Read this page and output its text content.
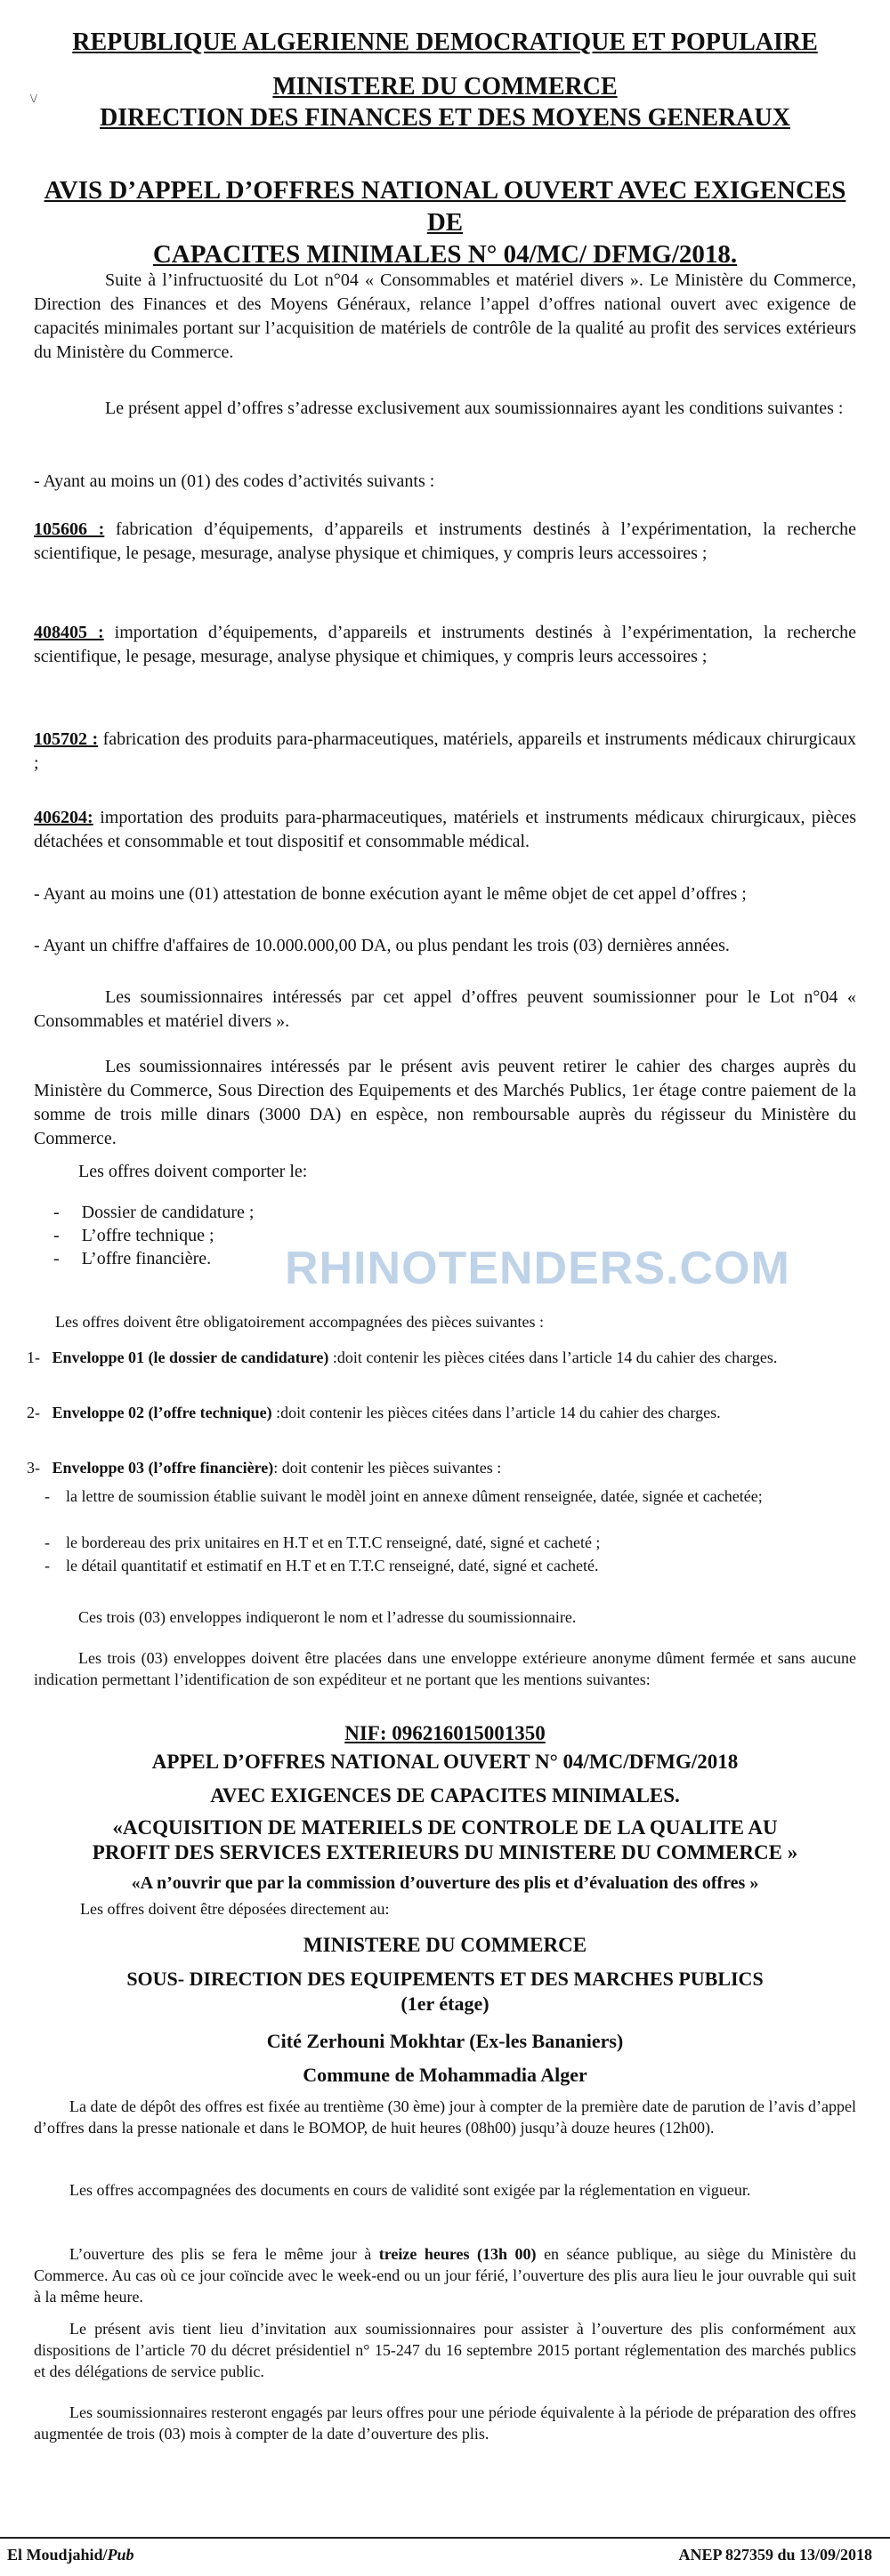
REPUBLIQUE ALGERIENNE DEMOCRATIQUE ET POPULAIRE
\/	MINISTERE DU COMMERCE
DIRECTION DES FINANCES ET DES MOYENS GENERAUX
AVIS D’APPEL D’OFFRES NATIONAL OUVERT AVEC EXIGENCES DE
CAPACITES MINIMALES N° 04/MC/ DFMG/2018.
Suite à l’infructuosité du Lot n°04 « Consommables et matériel divers ». Le Ministère du Commerce, Direction des Finances et des Moyens Généraux, relance l’appel d’offres national ouvert avec exigence de capacités minimales portant sur l’acquisition de matériels de contrôle de la qualité au profit des services extérieurs du Ministère du Commerce.
Le présent appel d’offres s’adresse exclusivement aux soumissionnaires ayant les conditions suivantes :
- Ayant au moins un (01) des codes d’activités suivants :
105606 : fabrication d’équipements, d’appareils et instruments destinés à l’expérimentation, la recherche scientifique, le pesage, mesurage, analyse physique et chimiques, y compris leurs accessoires ;
408405 : importation d’équipements, d’appareils et instruments destinés à l’expérimentation, la recherche scientifique, le pesage, mesurage, analyse physique et chimiques, y compris leurs accessoires ;
105702 : fabrication des produits para-pharmaceutiques, matériels, appareils et instruments médicaux chirurgicaux ;
406204: importation des produits para-pharmaceutiques, matériels et instruments médicaux chirurgicaux, pièces détachées et consommable et tout dispositif et consommable médical.
- Ayant au moins une (01) attestation de bonne exécution ayant le même objet de cet appel d’offres ;
- Ayant un chiffre d'affaires de 10.000.000,00 DA, ou plus pendant les trois (03) dernières années.
Les soumissionnaires intéressés par cet appel d’offres peuvent soumissionner pour le Lot n°04 « Consommables et matériel divers ».
Les soumissionnaires intéressés par le présent avis peuvent retirer le cahier des charges auprès du Ministère du Commerce, Sous Direction des Equipements et des Marchés Publics, 1er étage contre paiement de la somme de trois mille dinars (3000 DA) en espèce, non remboursable auprès du régisseur du Ministère du Commerce.
Les offres doivent comporter le:
-     Dossier de candidature ;
-     L’offre technique ;
-     L’offre financière. RHINOTENDERS.COM
Les offres doivent être obligatoirement accompagnées des pièces suivantes :
1-   Enveloppe 01 (le dossier de candidature) :doit contenir les pièces citées dans l’article 14 du cahier des charges.
2-   Enveloppe 02 (l’offre technique) :doit contenir les pièces citées dans l’article 14 du cahier des charges.
3-   Enveloppe 03 (l’offre financière): doit contenir les pièces suivantes :
-    la lettre de soumission établie suivant le modèl joint en annexe dûment renseignée, datée, signée et cachetée;
-    le bordereau des prix unitaires en H.T et en T.T.C renseigné, daté, signé et cacheté ;
-    le détail quantitatif et estimatif en H.T et en T.T.C renseigné, daté, signé et cacheté.
Ces trois (03) enveloppes indiqueront le nom et l’adresse du soumissionnaire.
Les trois (03) enveloppes doivent être placées dans une enveloppe extérieure anonyme dûment fermée et sans aucune indication permettant l’identification de son expéditeur et ne portant que les mentions suivantes:
NIF: 096216015001350
APPEL D’OFFRES NATIONAL OUVERT N° 04/MC/DFMG/2018
AVEC EXIGENCES DE CAPACITES MINIMALES.
«ACQUISITION DE MATERIELS DE CONTROLE DE LA QUALITE AU
PROFIT DES SERVICES EXTERIEURS DU MINISTERE DU COMMERCE »
«A n’ouvrir que par la commission d’ouverture des plis et d’évaluation des offres »
Les offres doivent être déposées directement au:
MINISTERE DU COMMERCE
SOUS- DIRECTION DES EQUIPEMENTS ET DES MARCHES PUBLICS
(1er étage)
Cité Zerhouni Mokhtar (Ex-les Bananiers)
Commune de Mohammadia Alger
La date de dépôt des offres est fixée au trentième (30 ème) jour à compter de la première date de parution de l’avis d’appel d’offres dans la presse nationale et dans le BOMOP, de huit heures (08h00) jusqu’à douze heures (12h00).
Les offres accompagnées des documents en cours de validité sont exigée par la réglementation en vigueur.
L’ouverture des plis se fera le même jour à treize heures (13h 00) en séance publique, au siège du Ministère du Commerce. Au cas où ce jour coïncide avec le week-end ou un jour férié, l’ouverture des plis aura lieu le jour ouvrable qui suit à la même heure.
Le présent avis tient lieu d’invitation aux soumissionnaires pour assister à l’ouverture des plis conformément aux dispositions de l’article 70 du décret présidentiel n° 15-247 du 16 septembre 2015 portant réglementation des marchés publics et des délégations de service public.
Les soumissionnaires resteront engagés par leurs offres pour une période équivalente à la période de préparation des offres augmentée de trois (03) mois à compter de la date d’ouverture des plis.
El Moudjahid/Pub	ANEP 827359 du 13/09/2018
